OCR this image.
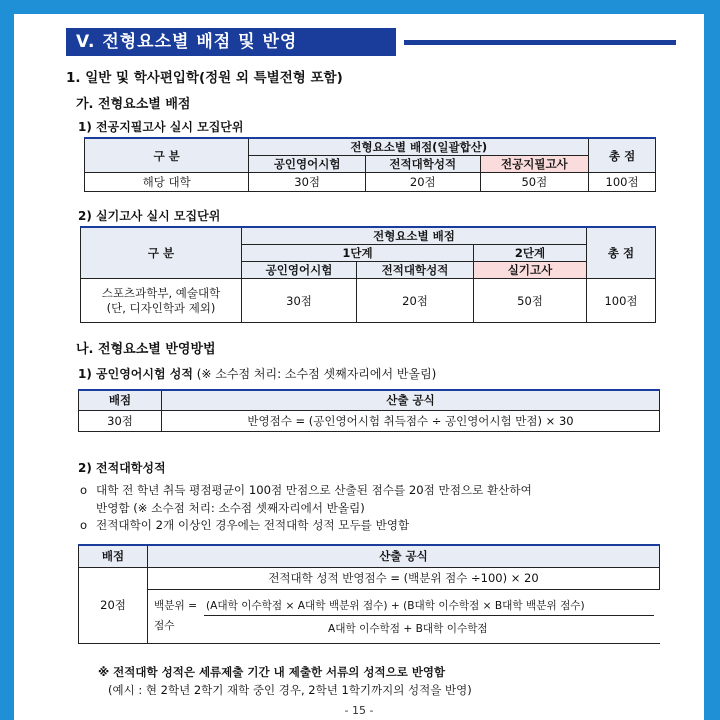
V. 전형요소별 배점 및 반영
1. 일반 및 학사편입학(정원 외 특별전형 포함)
가. 전형요소별 배점
1) 전공지필고사 실시 모집단위
구 분	전형요소별 배점(일괄합산)			총 점
	공인영어시험	전적대학성적	전공지필고사	
해당 대학	30점	20점	50점	100점
2) 실기고사 실시 모집단위
구 분	전형요소별 배점			총 점
	1단계		2단계	
	공인영어시험	전적대학성적	실기고사	

스포츠과학부, 예술대학
(단, 디자인학과 제외)	30점	20점	50점	100점
나. 전형요소별 반영방법
1) 공인영어시험 성적 (※ 소수점 처리: 소수점 셋째자리에서 반올림)
배점	산출 공식
30점	반영점수 = (공인영어시험 취득점수 ÷ 공인영어시험 만점) × 30
2) 전적대학성적
o 대학 전 학년 취득 평점평균이 100점 만점으로 산출된 점수를 20점 만점으로 환산하여
반영함 (※ 소수점 처리: 소수점 셋째자리에서 반올림)
o 전적대학이 2개 이상인 경우에는 전적대학 성적 모두를 반영함
배점	산출 공식
20점	전적대학 성적 반영점수 = (백분위 점수 ÷100) × 20

	백분위 =
점수
(A대학 이수학점 × A대학 백분위 점수) + (B대학 이수학점 × B대학 백분위 점수)
A대학 이수학점 + B대학 이수학점
※ 전적대학 성적은 세류제출 기간 내 제출한 서류의 성적으로 반영함
(예시 : 현 2학년 2학기 재학 중인 경우, 2학년 1학기까지의 성적을 반영)
- 15 -
